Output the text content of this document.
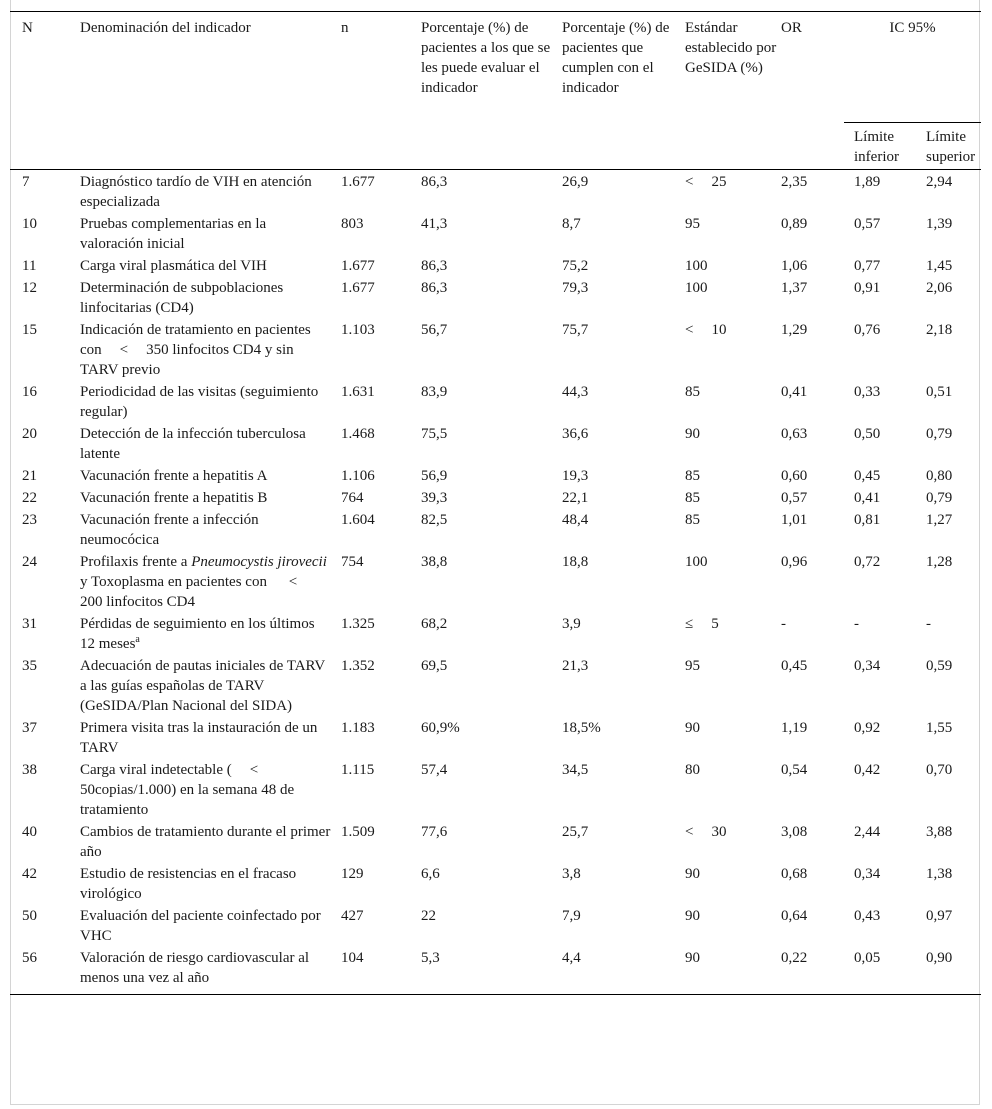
N	Denominación del indicador	n	Porcentaje (%) de pacientes a los que se les puede evaluar el indicador	Porcentaje (%) de pacientes que cumplen con el indicador	Estándar establecido por GeSIDA (%)	OR	IC 95%	
							Límite inferior	Límite superior
7	Diagnóstico tardío de VIH en atención especializada	1.677	86,3	26,9	< 25	2,35	1,89	2,94
10	Pruebas complementarias en la valoración inicial	803	41,3	8,7	95	0,89	0,57	1,39
11	Carga viral plasmática del VIH	1.677	86,3	75,2	100	1,06	0,77	1,45
12	Determinación de subpoblaciones linfocitarias (CD4)	1.677	86,3	79,3	100	1,37	0,91	2,06
15	Indicación de tratamiento en pacientes con < 350 linfocitos CD4 y sin TARV previo	1.103	56,7	75,7	< 10	1,29	0,76	2,18
16	Periodicidad de las visitas (seguimiento regular)	1.631	83,9	44,3	85	0,41	0,33	0,51
20	Detección de la infección tuberculosa latente	1.468	75,5	36,6	90	0,63	0,50	0,79
21	Vacunación frente a hepatitis A	1.106	56,9	19,3	85	0,60	0,45	0,80
22	Vacunación frente a hepatitis B	764	39,3	22,1	85	0,57	0,41	0,79
23	Vacunación frente a infección neumocócica	1.604	82,5	48,4	85	1,01	0,81	1,27
24	Profilaxis frente a Pneumocystis jirovecii y Toxoplasma en pacientes con <200 linfocitos CD4	754	38,8	18,8	100	0,96	0,72	1,28
31	Pérdidas de seguimiento en los últimos 12 meses$^a$	1.325	68,2	3,9	≤ 5	-	-	-
35	Adecuación de pautas iniciales de TARV a las guías españolas de TARV (GeSIDA/Plan Nacional del SIDA)	1.352	69,5	21,3	95	0,45	0,34	0,59
37	Primera visita tras la instauración de un TARV	1.183	60,9%	18,5%	90	1,19	0,92	1,55
38	Carga viral indetectable ( <50copias/1.000) en la semana 48 de tratamiento	1.115	57,4	34,5	80	0,54	0,42	0,70
40	Cambios de tratamiento durante el primer año	1.509	77,6	25,7	< 30	3,08	2,44	3,88
42	Estudio de resistencias en el fracaso virológico	129	6,6	3,8	90	0,68	0,34	1,38
50	Evaluación del paciente coinfectado por VHC	427	22	7,9	90	0,64	0,43	0,97
56	Valoración de riesgo cardiovascular al menos una vez al año	104	5,3	4,4	90	0,22	0,05	0,90
